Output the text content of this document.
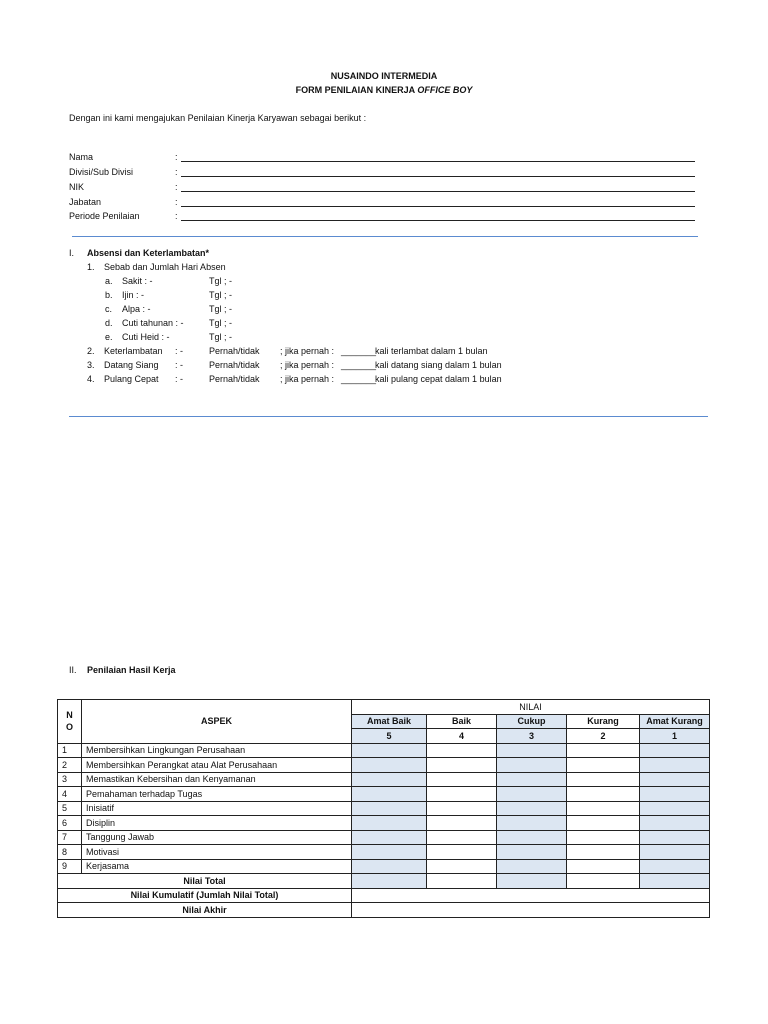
NUSAINDO INTERMEDIA
FORM PENILAIAN KINERJA OFFICE BOY
Dengan ini kami mengajukan Penilaian Kinerja Karyawan sebagai berikut :
Nama	:
Divisi/Sub Divisi	:
NIK	:
Jabatan	:
Periode Penilaian	:
I. Absensi dan Keterlambatan*
1. Sebab dan Jumlah Hari Absen
a. Sakit : -	Tgl ; -
b. Ijin : -	Tgl ; -
c. Alpa : -	Tgl ; -
d. Cuti tahunan : -	Tgl ; -
e. Cuti Heid : -	Tgl ; -
2. Keterlambatan : -	Pernah/tidak ; jika pernah : _______
kali terlambat dalam 1 bulan
3. Datang Siang : -	Pernah/tidak ; jika pernah : _______
kali datang siang dalam 1 bulan
4. Pulang Cepat : -	Pernah/tidak ; jika pernah : _______
kali pulang cepat dalam 1 bulan
II. Penilaian Hasil Kerja
N O	ASPEK	NILAI				
		Amat Baik	Baik	Cukup	Kurang	Amat Kurang
		5	4	3	2	1
1	Membersihkan Lingkungan Perusahaan					
2	Membersihkan Perangkat atau Alat Perusahaan					
3	Memastikan Kebersihan dan Kenyamanan					
4	Pemahaman terhadap Tugas					
5	Inisiatif					
6	Disiplin					
7	Tanggung Jawab					
8	Motivasi					
9	Kerjasama					
Nilai Total						
Nilai Kumulatif (Jumlah Nilai Total)						
Nilai Akhir						
